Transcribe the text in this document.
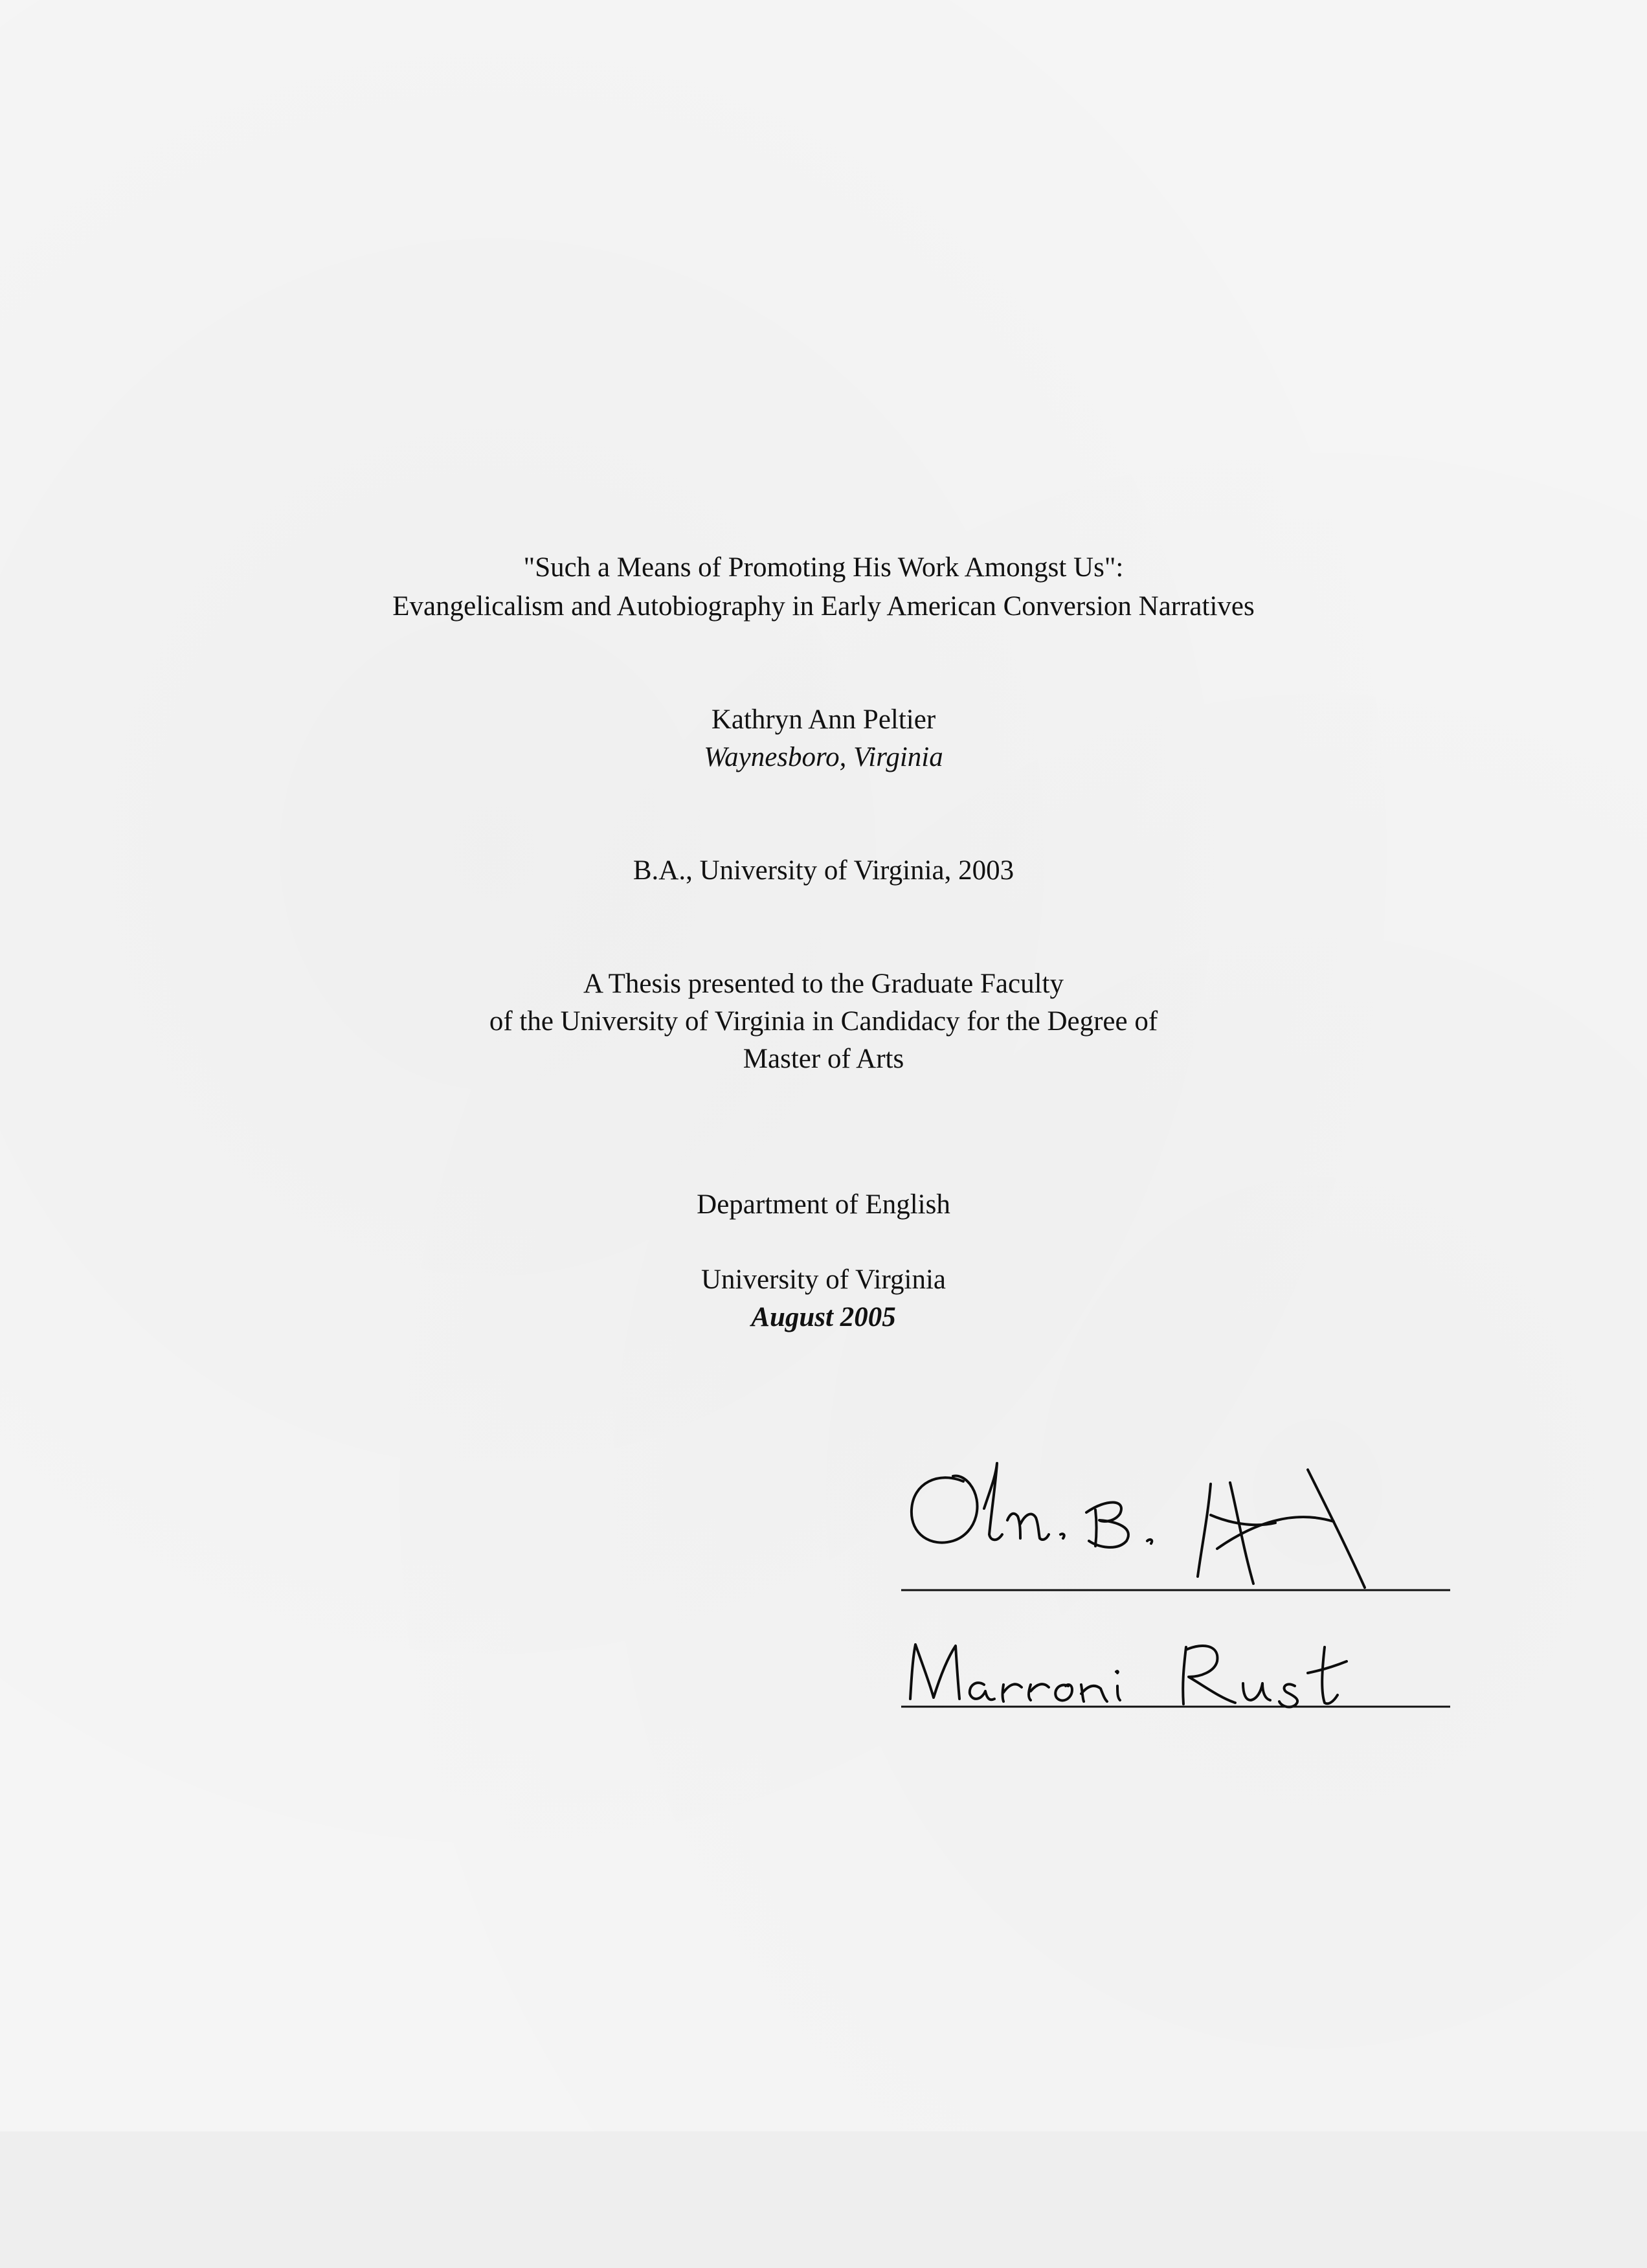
"Such a Means of Promoting His Work Amongst Us":
Evangelicalism and Autobiography in Early American Conversion Narratives
Kathryn Ann Peltier
Waynesboro, Virginia
B.A., University of Virginia, 2003
A Thesis presented to the Graduate Faculty
of the University of Virginia in Candidacy for the Degree of
Master of Arts
Department of English
University of Virginia
August 2005
